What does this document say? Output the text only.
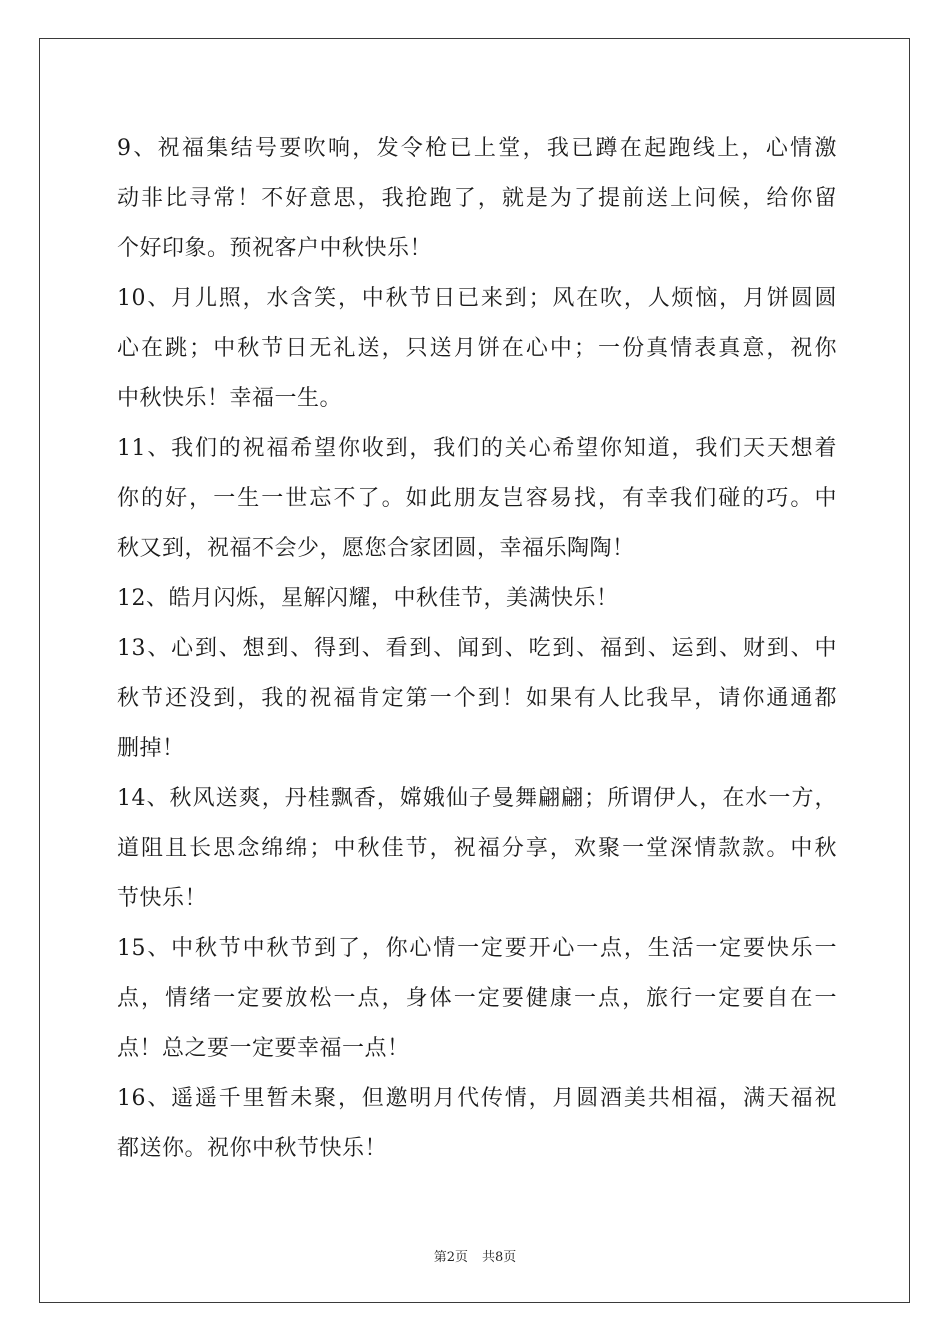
9、祝福集结号要吹响，发令枪已上堂，我已蹲在起跑线上，心情激
动非比寻常！不好意思，我抢跑了，就是为了提前送上问候，给你留
个好印象。预祝客户中秋快乐！
10、月儿照，水含笑，中秋节日已来到；风在吹，人烦恼，月饼圆圆
心在跳；中秋节日无礼送，只送月饼在心中；一份真情表真意，祝你
中秋快乐！幸福一生。
11、我们的祝福希望你收到，我们的关心希望你知道，我们天天想着
你的好，一生一世忘不了。如此朋友岂容易找，有幸我们碰的巧。中
秋又到，祝福不会少，愿您合家团圆，幸福乐陶陶！
12、皓月闪烁，星解闪耀，中秋佳节，美满快乐！
13、心到、想到、得到、看到、闻到、吃到、福到、运到、财到、中
秋节还没到，我的祝福肯定第一个到！如果有人比我早，请你通通都
删掉！
14、秋风送爽，丹桂飘香，嫦娥仙子曼舞翩翩；所谓伊人，在水一方，
道阻且长思念绵绵；中秋佳节，祝福分享，欢聚一堂深情款款。中秋
节快乐！
15、中秋节中秋节到了，你心情一定要开心一点，生活一定要快乐一
点，情绪一定要放松一点，身体一定要健康一点，旅行一定要自在一
点！总之要一定要幸福一点！
16、遥遥千里暂未聚，但邀明月代传情，月圆酒美共相福，满天福祝
都送你。祝你中秋节快乐！
第2页 共8页
